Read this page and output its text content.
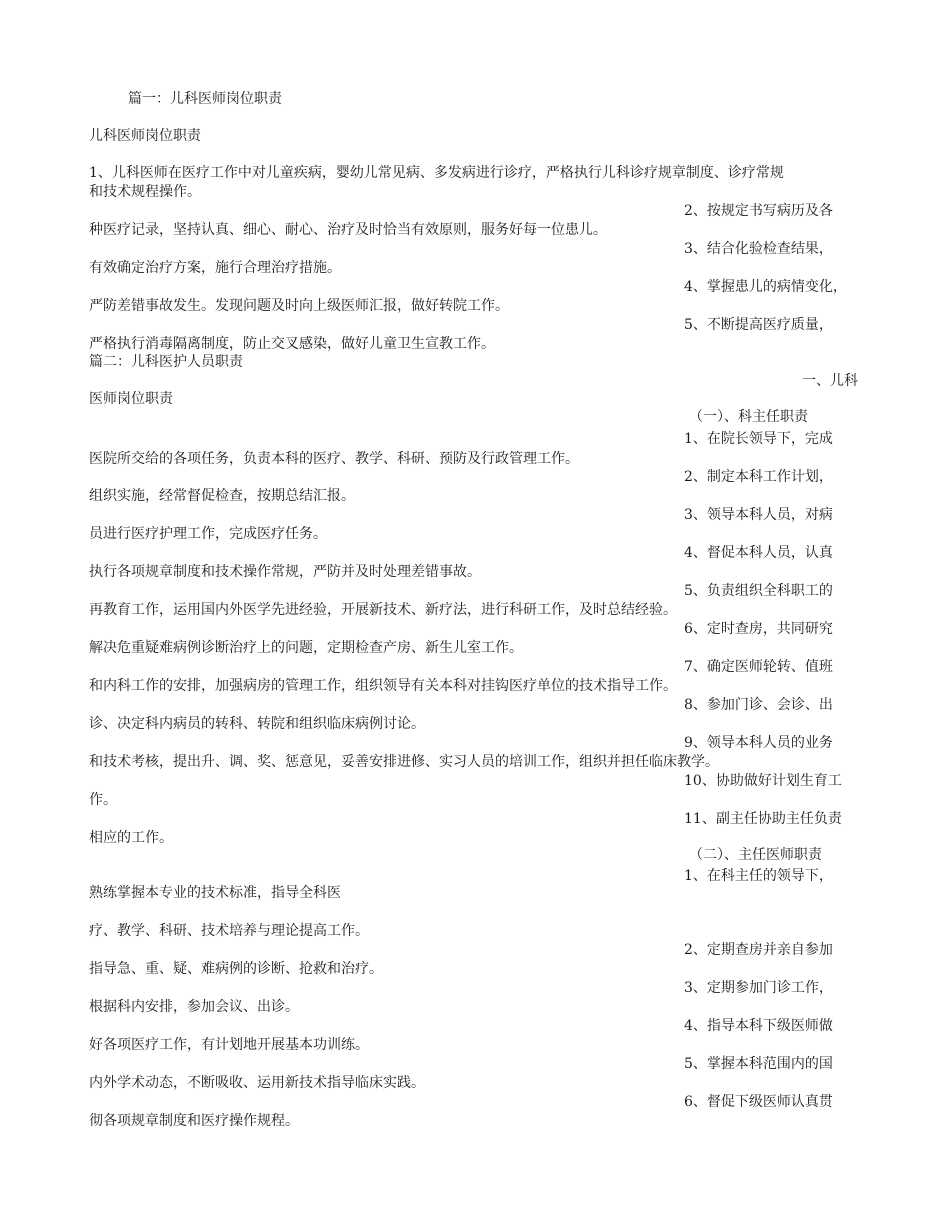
篇一：儿科医师岗位职责
儿科医师岗位职责
1、儿科医师在医疗工作中对儿童疾病，婴幼儿常见病、多发病进行诊疗，严格执行儿科诊疗规章制度、诊疗常规
和技术规程操作。
种医疗记录，坚持认真、细心、耐心、治疗及时恰当有效原则，服务好每一位患儿。
有效确定治疗方案，施行合理治疗措施。
严防差错事故发生。发现问题及时向上级医师汇报，做好转院工作。
严格执行消毒隔离制度，防止交叉感染，做好儿童卫生宣教工作。
篇二：儿科医护人员职责
医师岗位职责
医院所交给的各项任务，负责本科的医疗、教学、科研、预防及行政管理工作。
组织实施，经常督促检查，按期总结汇报。
员进行医疗护理工作，完成医疗任务。
执行各项规章制度和技术操作常规，严防并及时处理差错事故。
再教育工作，运用国内外医学先进经验，开展新技术、新疗法，进行科研工作，及时总结经验。
解决危重疑难病例诊断治疗上的问题，定期检查产房、新生儿室工作。
和内科工作的安排，加强病房的管理工作，组织领导有关本科对挂钩医疗单位的技术指导工作。
诊、决定科内病员的转科、转院和组织临床病例讨论。
和技术考核，提出升、调、奖、惩意见，妥善安排进修、实习人员的培训工作，组织并担任临床教学。
作。
相应的工作。
熟练掌握本专业的技术标准，指导全科医
疗、教学、科研、技术培养与理论提高工作。
指导急、重、疑、难病例的诊断、抢救和治疗。
根据科内安排，参加会议、出诊。
好各项医疗工作，有计划地开展基本功训练。
内外学术动态，不断吸收、运用新技术指导临床实践。
彻各项规章制度和医疗操作规程。
2、按规定书写病历及各
3、结合化验检查结果，
4、掌握患儿的病情变化，
5、不断提高医疗质量，
一、儿科
（一）、科主任职责
1、在院长领导下，完成
2、制定本科工作计划，
3、领导本科人员，对病
4、督促本科人员，认真
5、负责组织全科职工的
6、定时查房，共同研究
7、确定医师轮转、值班
8、参加门诊、会诊、出
9、领导本科人员的业务
10、协助做好计划生育工
11、副主任协助主任负责
（二）、主任医师职责
1、在科主任的领导下，
2、定期查房并亲自参加
3、定期参加门诊工作，
4、指导本科下级医师做
5、掌握本科范围内的国
6、督促下级医师认真贯
